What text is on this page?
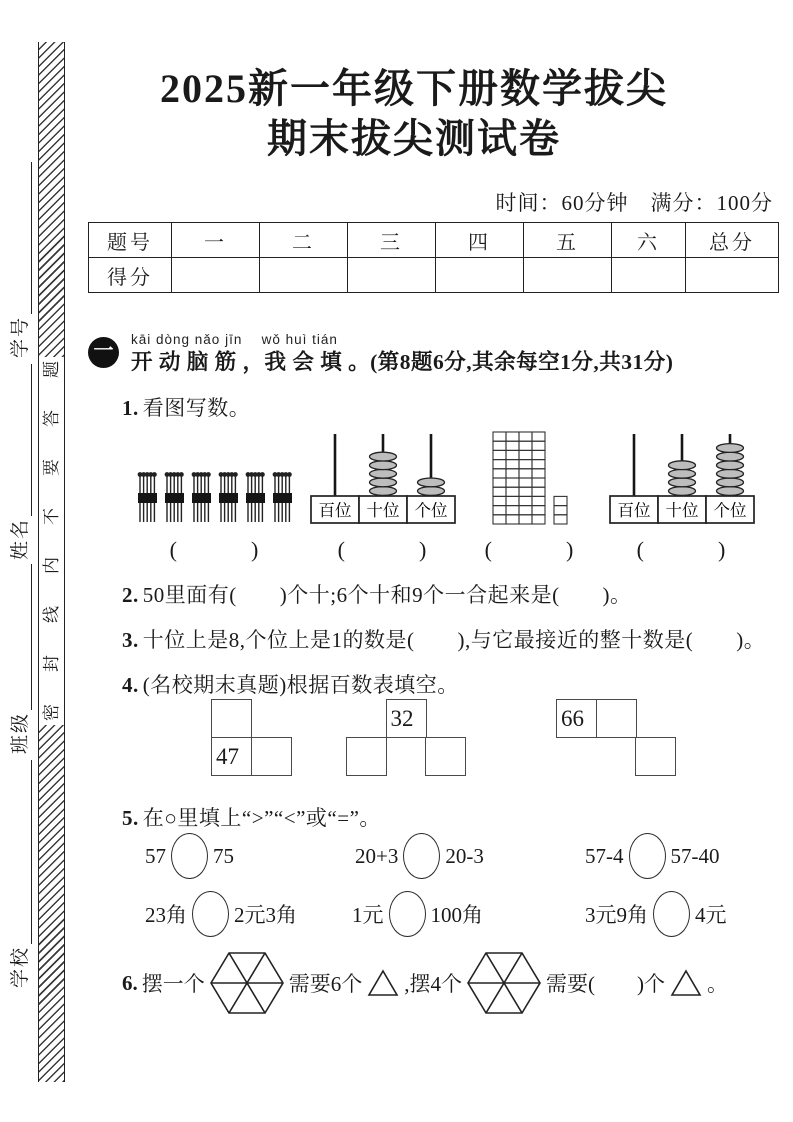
题
答
要
不
内
线
封
密
学号
姓名
班级
学校
2025新一年级下册数学拔尖
期末拔尖测试卷
时间：60分钟　满分：100分
题号	一	二	三	四	五	六	总分
得分							
一
kāi dòng nǎo jīn　 wǒ huì tián
开 动 脑 筋 ，我 会 填 。(第8题6分,其余每空1分,共31分)
1. 看图写数。
(　　　)
百位 十位 个位
(　　　)	(　　　)
百位 十位 个位
(　　　)
2. 50里面有(　　)个十;6个十和9个一合起来是(　　)。
3. 十位上是8,个位上是1的数是(　　),与它最接近的整十数是(　　)。
4. (名校期末真题)根据百数表填空。
47
32	66
5. 在○里填上“>”“<”或“=”。
57 75	20+3 20-3	57-4 57-40
23角 2元3角	1元 100角	3元9角 4元
6. 摆一个	需要6个 ,摆4个	需要(　　)个 。
